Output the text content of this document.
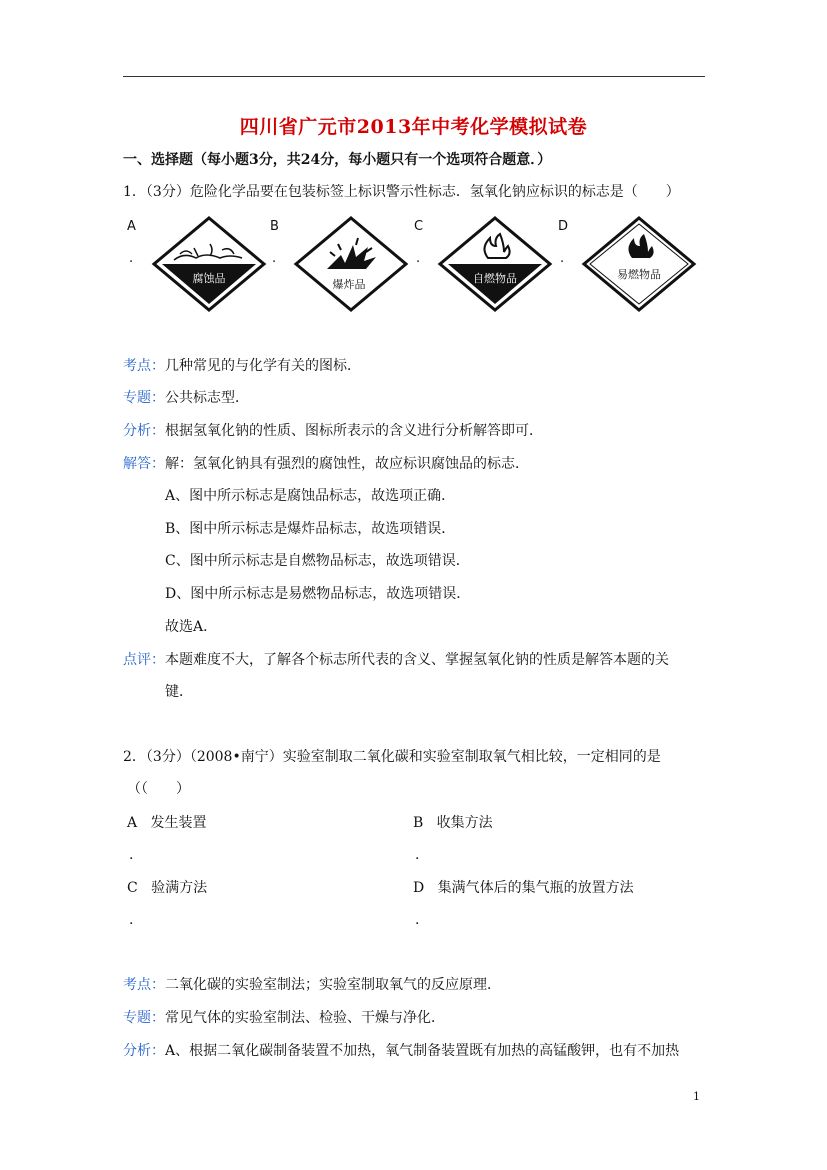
四川省广元市2013年中考化学模拟试卷
一、选择题（每小题3分，共24分，每小题只有一个选项符合题意．）
1．（3分）危险化学品要在包装标签上标识警示性标志．氢氧化钠应标识的标志是（　　）
A
.
腐蚀品
B
.
爆炸品
C
.
自燃物品
D
.
易燃物品
考点：几种常见的与化学有关的图标．
专题：公共标志型．
分析：根据氢氧化钠的性质、图标所表示的含义进行分析解答即可．
解答：解：氢氧化钠具有强烈的腐蚀性，故应标识腐蚀品的标志．
A、图中所示标志是腐蚀品标志，故选项正确．
B、图中所示标志是爆炸品标志，故选项错误．
C、图中所示标志是自燃物品标志，故选项错误．
D、图中所示标志是易燃物品标志，故选项错误．
故选A．
点评：本题难度不大，了解各个标志所代表的含义、掌握氢氧化钠的性质是解答本题的关
键．
2．（3分）（2008•南宁）实验室制取二氧化碳和实验室制取氧气相比较，一定相同的是
（（　　）
A 发生装置
.
B 收集方法
.
C 验满方法
.
D 集满气体后的集气瓶的放置方法
.
考点：二氧化碳的实验室制法；实验室制取氧气的反应原理．
专题：常见气体的实验室制法、检验、干燥与净化．
分析：A、根据二氧化碳制备装置不加热，氧气制备装置既有加热的高锰酸钾，也有不加热
1
